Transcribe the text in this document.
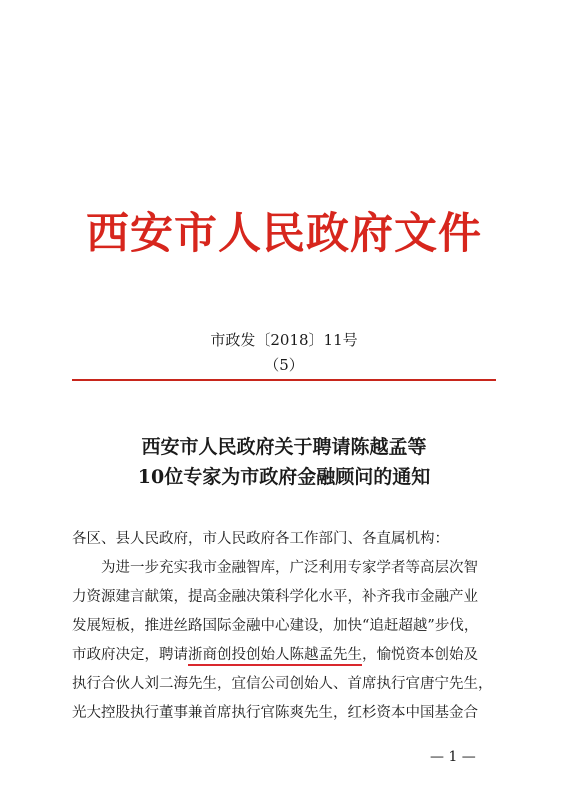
西安市人民政府文件
市政发〔2018〕11号
（5）
西安市人民政府关于聘请陈越孟等
10位专家为市政府金融顾问的通知

各区、县人民政府，市人民政府各工作部门、各直属机构：

为进一步充实我市金融智库，广泛利用专家学者等高层次智

力资源建言献策，提高金融决策科学化水平，补齐我市金融产业

发展短板，推进丝路国际金融中心建设，加快“追赶超越”步伐，

市政府决定，聘请浙商创投创始人陈越孟先生，愉悦资本创始及

执行合伙人刘二海先生，宜信公司创始人、首席执行官唐宁先生，

光大控股执行董事兼首席执行官陈爽先生，红杉资本中国基金合

— 1 —
